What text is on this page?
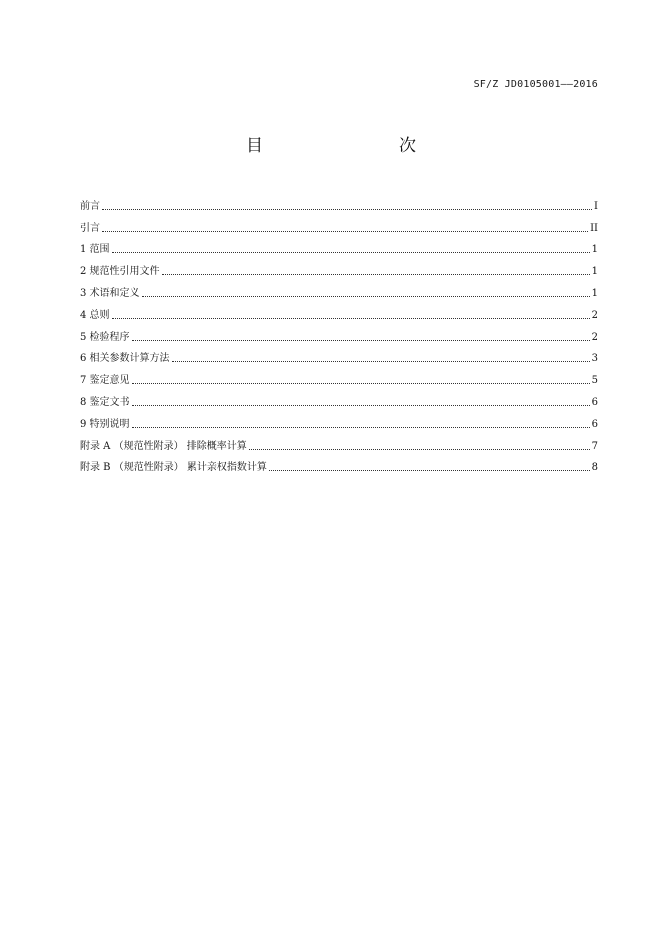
SF/Z JD0105001——2016
目　　次
前言	I
引言	II
1 范围	1
2 规范性引用文件	1
3 术语和定义	1
4 总则	2
5 检验程序	2
6 相关参数计算方法	3
7 鉴定意见	5
8 鉴定文书	6
9 特别说明	6
附录 A （规范性附录） 排除概率计算	7
附录 B （规范性附录） 累计亲权指数计算	8
